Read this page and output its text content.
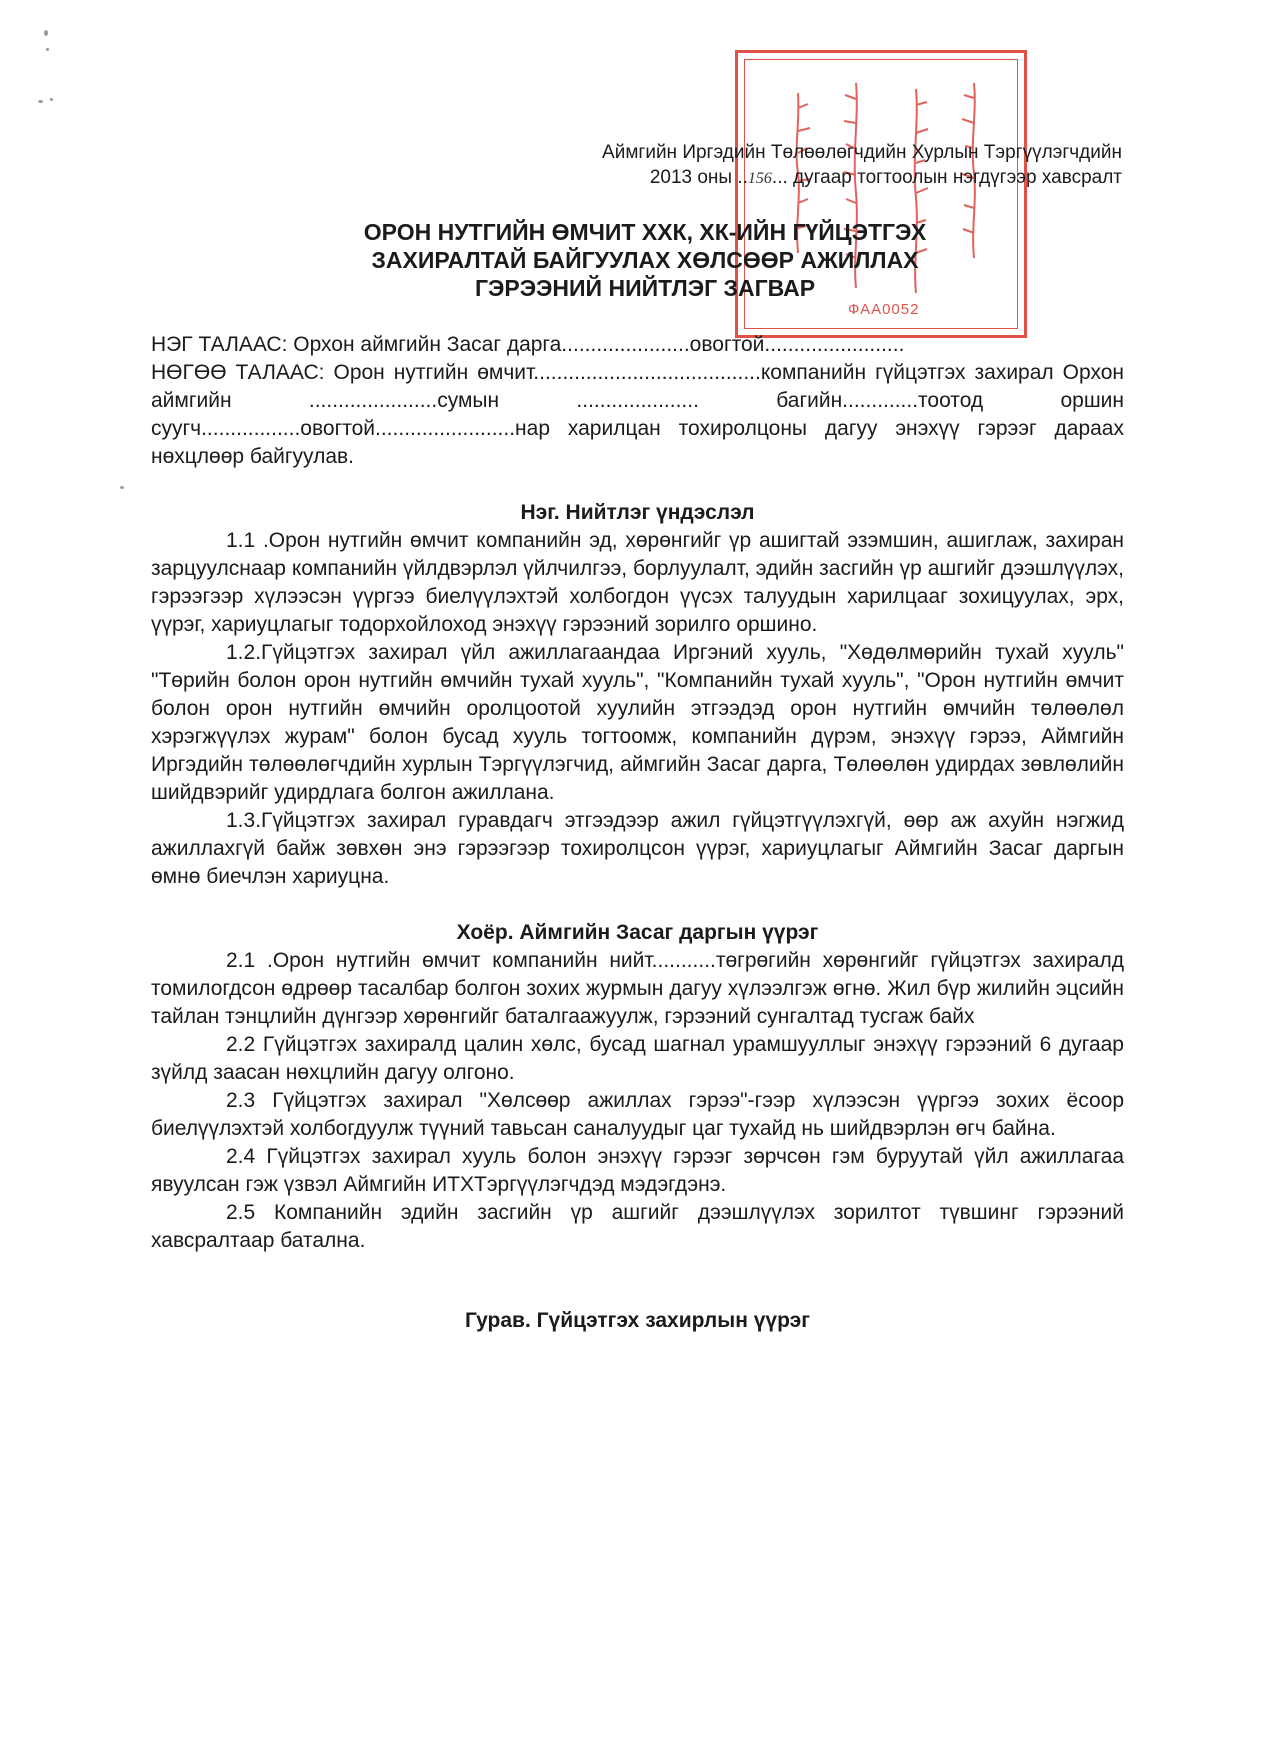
ФАА0052
Аймгийн Иргэдийн Төлөөлөгчдийн Хурлын Тэргүүлэгчдийн
2013 оны ..156... дугаар тогтоолын нэгдүгээр хавсралт
ОРОН НУТГИЙН ӨМЧИТ ХХК, ХК-ИЙН ГҮЙЦЭТГЭХ
ЗАХИРАЛТАЙ БАЙГУУЛАХ ХӨЛСӨӨР АЖИЛЛАХ
ГЭРЭЭНИЙ НИЙТЛЭГ ЗАГВАР

НЭГ ТАЛААС: Орхон аймгийн Засаг дарга......................овогтой........................

НӨГӨӨ ТАЛААС: Орон нутгийн өмчит.......................................компанийн гүйцэтгэх захирал Орхон аймгийн ......................сумын ..................... багийн.............тоотод оршин суугч.................овогтой........................нар харилцан тохиролцоны дагуу энэхүү гэрээг дараах нөхцлөөр байгуулав.

Нэг. Нийтлэг үндэслэл

1.1 .Орон нутгийн өмчит компанийн эд, хөрөнгийг үр ашигтай эзэмшин, ашиглаж, захиран зарцуулснаар компанийн үйлдвэрлэл үйлчилгээ, борлуулалт, эдийн засгийн үр ашгийг дээшлүүлэх, гэрээгээр хүлээсэн үүргээ биелүүлэхтэй холбогдон үүсэх талуудын харилцааг зохицуулах, эрх, үүрэг, хариуцлагыг тодорхойлоход энэхүү гэрээний зорилго оршино.

1.2.Гүйцэтгэх захирал үйл ажиллагаандаа Иргэний хууль, "Хөдөлмөрийн тухай хууль" "Төрийн болон орон нутгийн өмчийн тухай хууль", "Компанийн тухай хууль", "Орон нутгийн өмчит болон орон нутгийн өмчийн оролцоотой хуулийн этгээдэд орон нутгийн өмчийн төлөөлөл хэрэгжүүлэх журам" болон бусад хууль тогтоомж, компанийн дүрэм, энэхүү гэрээ, Аймгийн Иргэдийн төлөөлөгчдийн хурлын Тэргүүлэгчид, аймгийн Засаг дарга, Төлөөлөн удирдах зөвлөлийн шийдвэрийг удирдлага болгон ажиллана.

1.3.Гүйцэтгэх захирал гуравдагч этгээдээр ажил гүйцэтгүүлэхгүй, өөр аж ахуйн нэгжид ажиллахгүй байж зөвхөн энэ гэрээгээр тохиролцсон үүрэг, хариуцлагыг Аймгийн Засаг даргын өмнө биечлэн хариуцна.

Хоёр. Аймгийн Засаг даргын үүрэг

2.1 .Орон нутгийн өмчит компанийн нийт...........төгрөгийн хөрөнгийг гүйцэтгэх захиралд томилогдсон өдрөөр тасалбар болгон зохих журмын дагуу хүлээлгэж өгнө. Жил бүр жилийн эцсийн тайлан тэнцлийн дүнгээр хөрөнгийг баталгаажуулж, гэрээний сунгалтад тусгаж байх

2.2 Гүйцэтгэх захиралд цалин хөлс, бусад шагнал урамшууллыг энэхүү гэрээний 6 дугаар зүйлд заасан нөхцлийн дагуу олгоно.

2.3 Гүйцэтгэх захирал "Хөлсөөр ажиллах гэрээ"-гээр хүлээсэн үүргээ зохих ёсоор биелүүлэхтэй холбогдуулж түүний тавьсан саналуудыг цаг тухайд нь шийдвэрлэн өгч байна.

2.4 Гүйцэтгэх захирал хууль болон энэхүү гэрээг зөрчсөн гэм буруутай үйл ажиллагаа явуулсан гэж үзвэл Аймгийн ИТХТэргүүлэгчдэд мэдэгдэнэ.

2.5 Компанийн эдийн засгийн үр ашгийг дээшлүүлэх зорилтот түвшинг гэрээний хавсралтаар батална.

Гурав. Гүйцэтгэх захирлын үүрэг
